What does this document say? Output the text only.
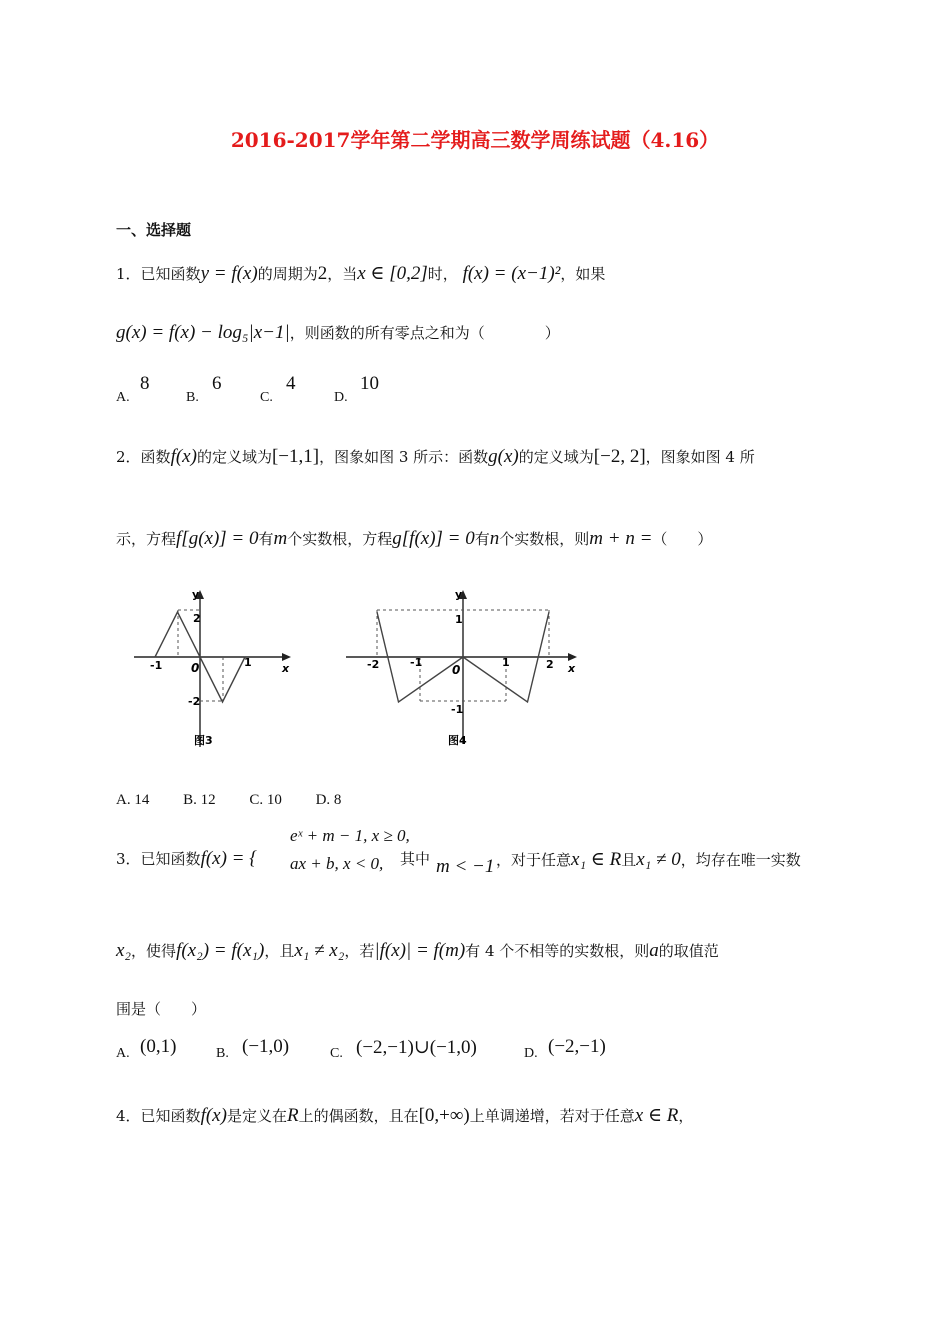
2016-2017学年第二学期高三数学周练试题（4.16）
一、选择题
1．已知函数y = f(x)的周期为2，当x ∈ [0,2]时， f(x) = (x−1)²，如果
g(x) = f(x) − log₅|x−1|，则函数的所有零点之和为（　　　　）
A.
8
B.
6
C.
4
D.
10
2．函数f(x)的定义域为[−1,1]，图象如图 3 所示：函数g(x)的定义域为[−2, 2]，图象如图 4 所
示，方程f[g(x)] = 0有m个实数根，方程g[f(x)] = 0有n个实数根，则m + n =（　　）
y
x
2
-1 0	1
-2
图3
y
x
1
-2	-1
0
1	2
-1
图4
A. 14　　 B. 12　　 C. 10　　 D. 8
3．已知函数f(x) = {
eˣ + m − 1, x ≥ 0,
ax + b, x < 0, 其中 m < −1 ，对于任意x₁ ∈ R且x₁ ≠ 0，均存在唯一实数
x₂，使得f(x₂) = f(x₁)，且x₁ ≠ x₂，若|f(x)| = f(m)有 4 个不相等的实数根，则a的取值范
围是（　　）
A. (0,1)	B. (−1,0)	C. (−2,−1)∪(−1,0)	D. (−2,−1)
4．已知函数f(x)是定义在R上的偶函数，且在[0,+∞)上单调递增，若对于任意x ∈ R，
